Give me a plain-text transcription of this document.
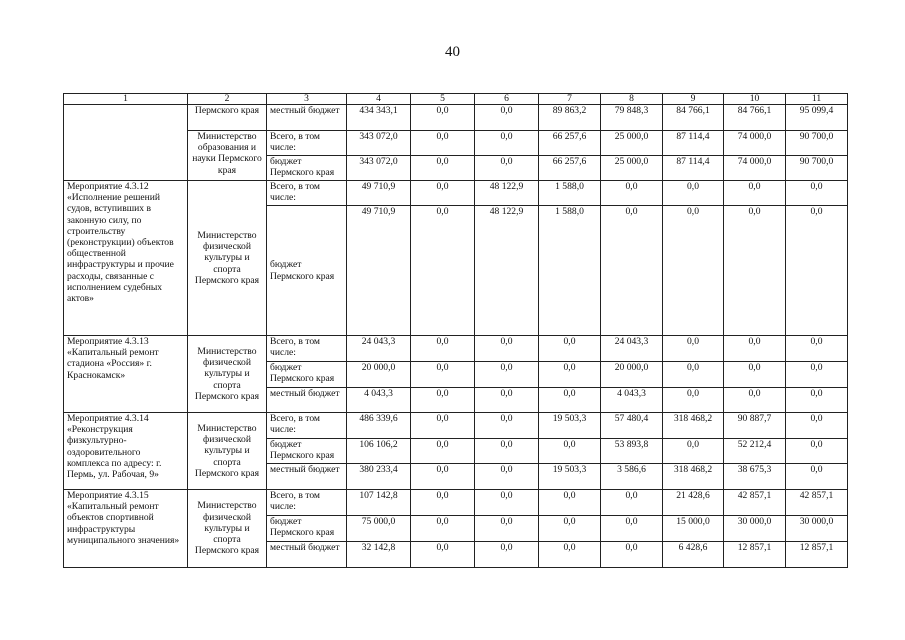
40
1	2	3	4	5	6	7	8	9	10	11
	Пермского края	местный бюджет	434 343,1	0,0	0,0	89 863,2	79 848,3	84 766,1	84 766,1	95 099,4
	Министерство образования и науки Пермского края	Всего, в том числе:	343 072,0	0,0	0,0	66 257,6	25 000,0	87 114,4	74 000,0	90 700,0
		бюджет Пермского края	343 072,0	0,0	0,0	66 257,6	25 000,0	87 114,4	74 000,0	90 700,0
Мероприятие 4.3.12 «Исполнение решений судов, вступивших в законную силу, по строительству (реконструкции) объектов общественной инфраструктуры и прочие расходы, связанные с исполнением судебных актов»	Министерство физической культуры и спорта Пермского края	Всего, в том числе:	49 710,9	0,0	48 122,9	1 588,0	0,0	0,0	0,0	0,0
		бюджет Пермского края	49 710,9	0,0	48 122,9	1 588,0	0,0	0,0	0,0	0,0
Мероприятие 4.3.13 «Капитальный ремонт стадиона «Россия» г. Краснокамск»	Министерство физической культуры и спорта Пермского края	Всего, в том числе:	24 043,3	0,0	0,0	0,0	24 043,3	0,0	0,0	0,0
		бюджет Пермского края	20 000,0	0,0	0,0	0,0	20 000,0	0,0	0,0	0,0
		местный бюджет	4 043,3	0,0	0,0	0,0	4 043,3	0,0	0,0	0,0
Мероприятие 4.3.14 «Реконструкция физкультурно-оздоровительного комплекса по адресу: г. Пермь, ул. Рабочая, 9»	Министерство физической культуры и спорта Пермского края	Всего, в том числе:	486 339,6	0,0	0,0	19 503,3	57 480,4	318 468,2	90 887,7	0,0
		бюджет Пермского края	106 106,2	0,0	0,0	0,0	53 893,8	0,0	52 212,4	0,0
		местный бюджет	380 233,4	0,0	0,0	19 503,3	3 586,6	318 468,2	38 675,3	0,0
Мероприятие 4.3.15 «Капитальный ремонт объектов спортивной инфраструктуры муниципального значения»	Министерство физической культуры и спорта Пермского края	Всего, в том числе:	107 142,8	0,0	0,0	0,0	0,0	21 428,6	42 857,1	42 857,1
		бюджет Пермского края	75 000,0	0,0	0,0	0,0	0,0	15 000,0	30 000,0	30 000,0
		местный бюджет	32 142,8	0,0	0,0	0,0	0,0	6 428,6	12 857,1	12 857,1
